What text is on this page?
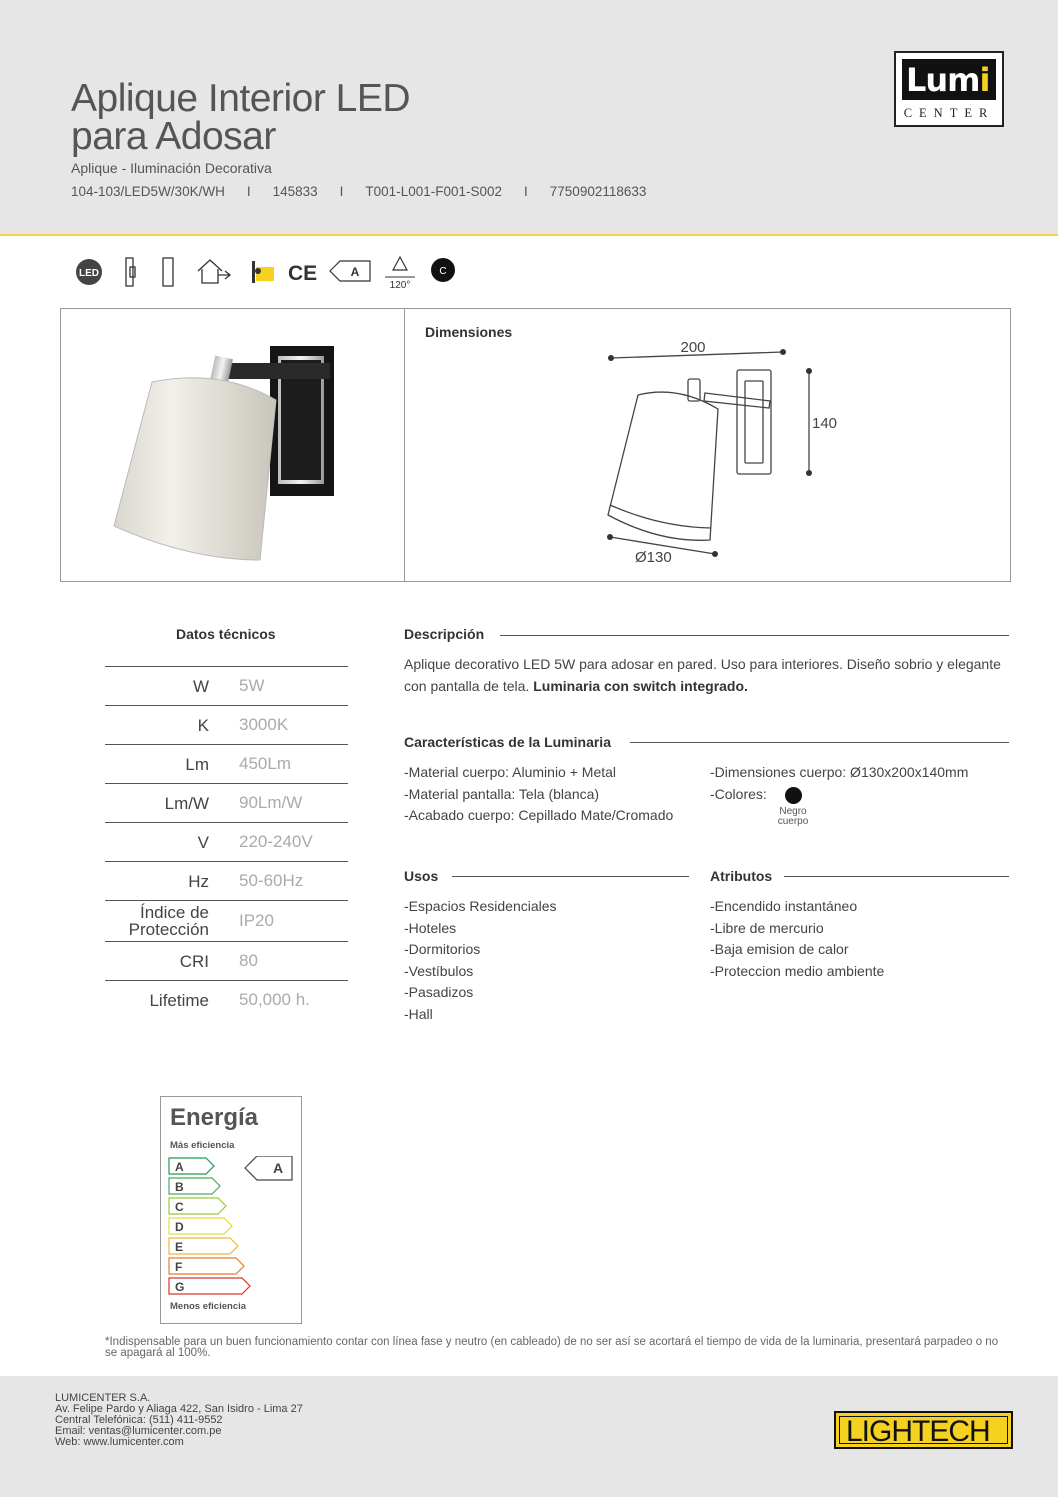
Aplique Interior LED
para Adosar
Aplique - Iluminación Decorativa
104-103/LED5W/30K/WH I 145833 I T001-L001-F001-S002 I 7750902118633
Lumi
CENTER
LED	CE	A
120°
C
Dimensiones
200
140
Ø130
Datos técnicos
W	5W
K	3000K
Lm	450Lm
Lm/W	90Lm/W
V	220-240V
Hz	50-60Hz
Índice de Protección	IP20
CRI	80
Lifetime	50,000 h.
Descripción
Aplique decorativo LED 5W para adosar en pared. Uso para interiores. Diseño sobrio y elegante con pantalla de tela. Luminaria con switch integrado.
Características de la Luminaria
-Material cuerpo: Aluminio + Metal
-Material pantalla: Tela (blanca)
-Acabado cuerpo: Cepillado Mate/Cromado
-Dimensiones cuerpo: Ø130x200x140mm
-Colores:
Negro
cuerpo
Usos
-Espacios Residenciales
-Hoteles
-Dormitorios
-Vestíbulos
-Pasadizos
-Hall
Atributos
-Encendido instantáneo
-Libre de mercurio
-Baja emision de calor
-Proteccion medio ambiente
Energía
Más eficiencia
A
B
C
D
E
F
G
A
Menos eficiencia
*Indispensable para un buen funcionamiento contar con línea fase y neutro (en cableado) de no ser así se acortará el tiempo de vida de la luminaria, presentará parpadeo o no se apagará al 100%.
LUMICENTER S.A.
Av. Felipe Pardo y Aliaga 422, San Isidro - Lima 27
Central Telefónica: (511) 411-9552
Email: ventas@lumicenter.com.pe
Web: www.lumicenter.com	LIGHTECH
